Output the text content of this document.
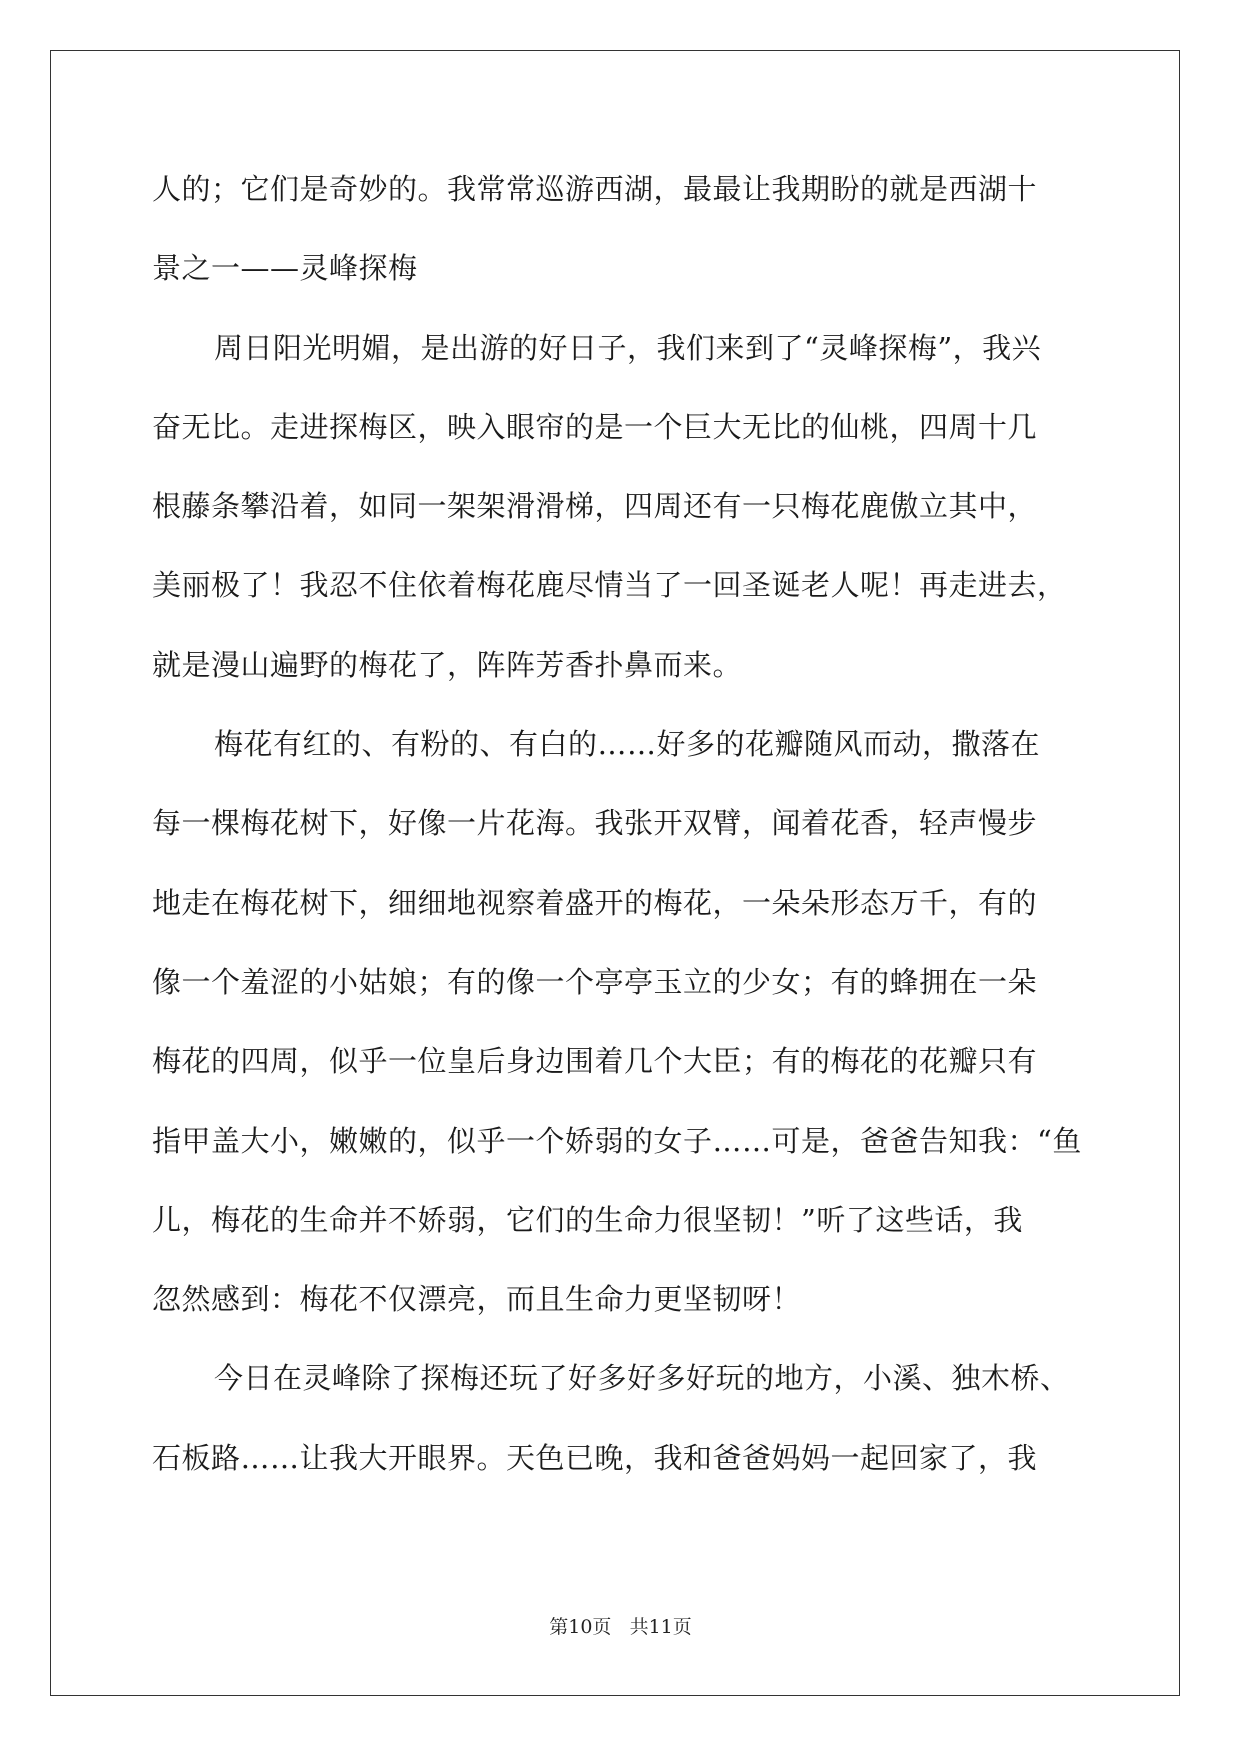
人的；它们是奇妙的。我常常巡游西湖，最最让我期盼的就是西湖十
景之一——灵峰探梅
周日阳光明媚，是出游的好日子，我们来到了“灵峰探梅”，我兴
奋无比。走进探梅区，映入眼帘的是一个巨大无比的仙桃，四周十几
根藤条攀沿着，如同一架架滑滑梯，四周还有一只梅花鹿傲立其中，
美丽极了！我忍不住依着梅花鹿尽情当了一回圣诞老人呢！再走进去，
就是漫山遍野的梅花了，阵阵芳香扑鼻而来。
梅花有红的、有粉的、有白的……好多的花瓣随风而动，撒落在
每一棵梅花树下，好像一片花海。我张开双臂，闻着花香，轻声慢步
地走在梅花树下，细细地视察着盛开的梅花，一朵朵形态万千，有的
像一个羞涩的小姑娘；有的像一个亭亭玉立的少女；有的蜂拥在一朵
梅花的四周，似乎一位皇后身边围着几个大臣；有的梅花的花瓣只有
指甲盖大小，嫩嫩的，似乎一个娇弱的女子……可是，爸爸告知我：“鱼
儿，梅花的生命并不娇弱，它们的生命力很坚韧！”听了这些话，我
忽然感到：梅花不仅漂亮，而且生命力更坚韧呀！
今日在灵峰除了探梅还玩了好多好多好玩的地方，小溪、独木桥、
石板路……让我大开眼界。天色已晚，我和爸爸妈妈一起回家了，我
第10页 共11页
